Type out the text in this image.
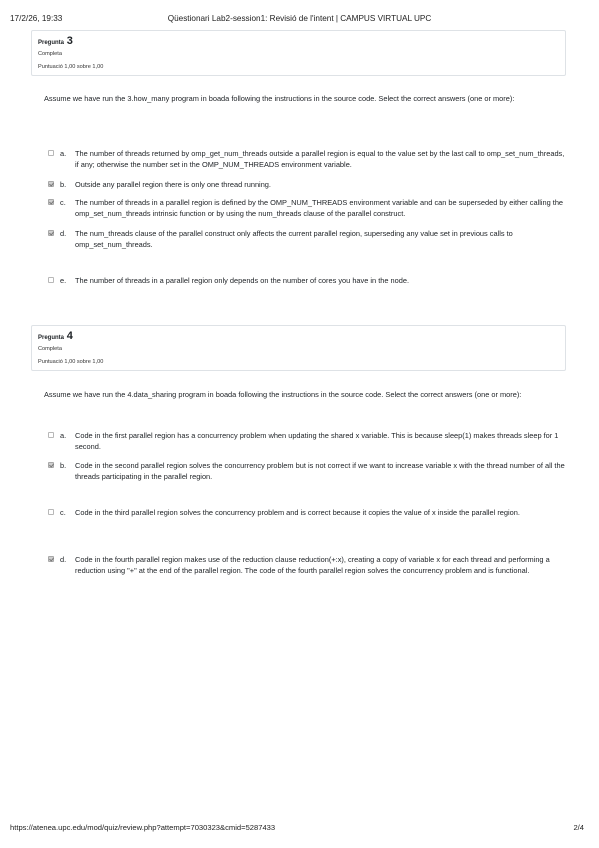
17/2/26, 19:33	Qüestionari Lab2-session1: Revisió de l'intent | CAMPUS VIRTUAL UPC
Pregunta 3
Completa
Puntuació 1,00 sobre 1,00
Assume we have run the 3.how_many program in boada following the instructions in the source code. Select the correct answers (one or more):
a. The number of threads returned by omp_get_num_threads outside a parallel region is equal to the value set by the last call to omp_set_num_threads, if any; otherwise the number set in the OMP_NUM_THREADS environment variable.
b. Outside any parallel region there is only one thread running.
c. The number of threads in a parallel region is defined by the OMP_NUM_THREADS environment variable and can be superseded by either calling the omp_set_num_threads intrinsic function or by using the num_threads clause of the parallel construct.
d. The num_threads clause of the parallel construct only affects the current parallel region, superseding any value set in previous calls to omp_set_num_threads.
e. The number of threads in a parallel region only depends on the number of cores you have in the node.
Pregunta 4
Completa
Puntuació 1,00 sobre 1,00
Assume we have run the 4.data_sharing program in boada following the instructions in the source code. Select the correct answers (one or more):
a. Code in the first parallel region has a concurrency problem when updating the shared x variable. This is because sleep(1) makes threads sleep for 1 second.
b. Code in the second parallel region solves the concurrency problem but is not correct if we want to increase variable x with the thread number of all the threads participating in the parallel region.
c. Code in the third parallel region solves the concurrency problem and is correct because it copies the value of x inside the parallel region.
d. Code in the fourth parallel region makes use of the reduction clause reduction(+:x), creating a copy of variable x for each thread and performing a reduction using "+" at the end of the parallel region. The code of the fourth parallel region solves the concurrency problem and is functional.
https://atenea.upc.edu/mod/quiz/review.php?attempt=7030323&cmid=5287433	2/4
